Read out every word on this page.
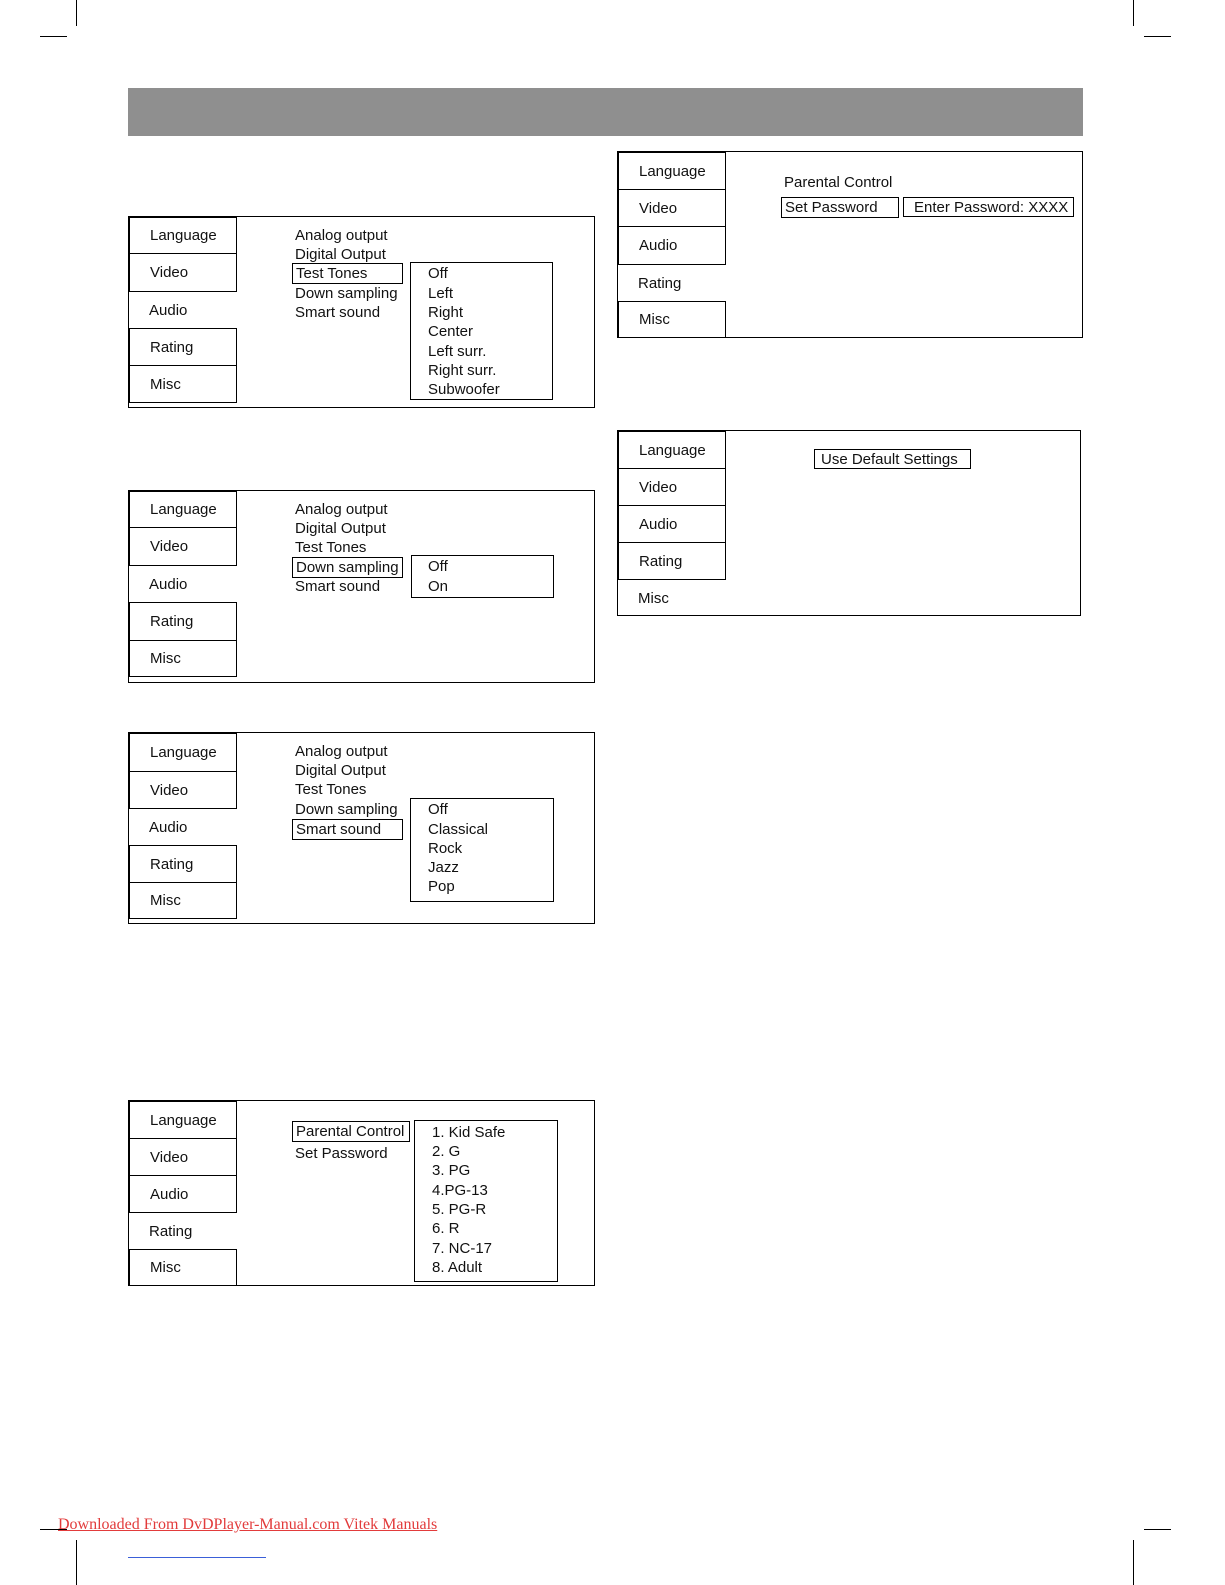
Language
Video
Audio
Rating
Misc
Analog output
Digital Output
Test Tones
Down sampling
Smart sound
Off
Left
Right
Center
Left surr.
Right surr.
Subwoofer
Language
Video
Audio
Rating
Misc
Analog output
Digital Output
Test Tones
Down sampling
Smart sound
Off
On
Language
Video
Audio
Rating
Misc
Analog output
Digital Output
Test Tones
Down sampling
Smart sound
Off
Classical
Rock
Jazz
Pop
Language
Video
Audio
Rating
Misc
Parental Control
Set Password
1. Kid Safe
2. G
3. PG
4.PG-13
5. PG-R
6. R
7. NC-17
8. Adult
Language
Video
Audio
Rating
Misc
Parental Control
Set Password	Enter Password: XXXX
Language
Video
Audio
Rating
Misc
Use Default Settings
Downloaded From DvDPlayer-Manual.com Vitek Manuals
